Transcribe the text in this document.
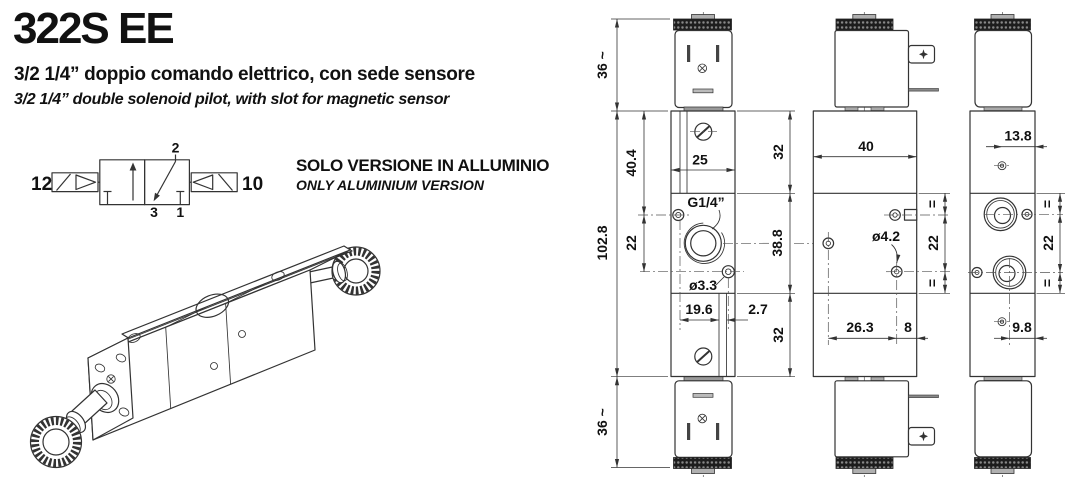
322S EE
3/2 1/4” doppio comando elettrico, con sede sensore
3/2 1/4” double solenoid pilot, with slot for magnetic sensor
SOLO VERSIONE IN ALLUMINIO
ONLY ALUMINIUM VERSION
12	10
2
3 1
36 ~
102.8
36 ~
40.4
22
25	32
38.8
32
G1/4”
ø3.3
19.6	2.7
ø4.2
40
=
22
=
26.3 8
13.8
=
22
=
9.8
